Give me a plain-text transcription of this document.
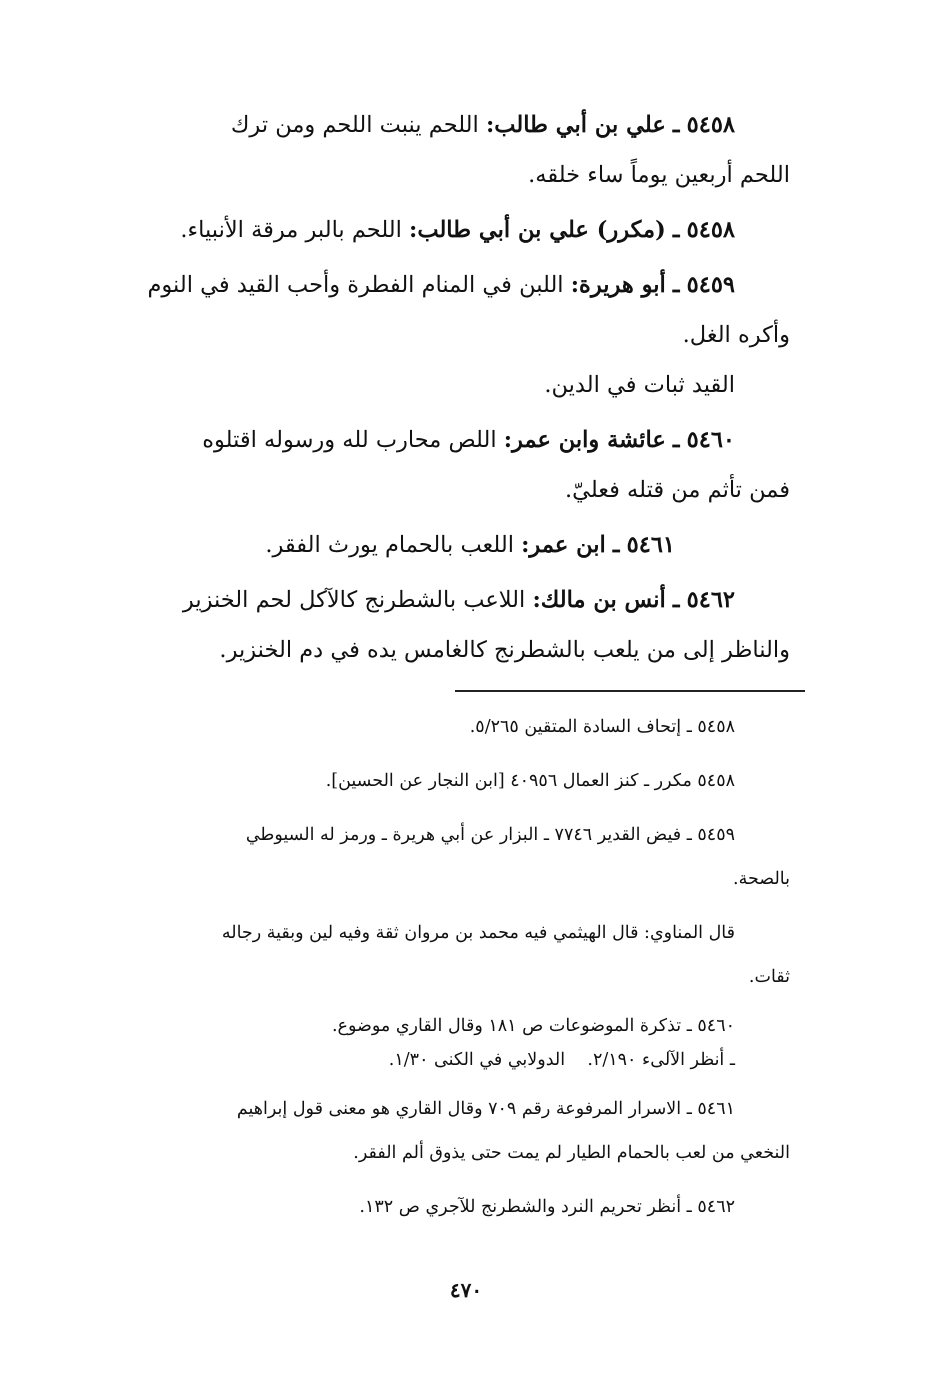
٥٤٥٨ ـ علي بن أبي طالب: اللحم ينبت اللحم ومن ترك
اللحم أربعين يوماً ساء خلقه.
٥٤٥٨ ـ (مكرر) علي بن أبي طالب: اللحم بالبر مرقة الأنبياء.
٥٤٥٩ ـ أبو هريرة: اللبن في المنام الفطرة وأحب القيد في النوم
وأكره الغل.
القيد ثبات في الدين.
٥٤٦٠ ـ عائشة وابن عمر: اللص محارب لله ورسوله اقتلوه
فمن تأثم من قتله فعليّ.
٥٤٦١ ـ ابن عمر: اللعب بالحمام يورث الفقر.
٥٤٦٢ ـ أنس بن مالك: اللاعب بالشطرنج كالآكل لحم الخنزير
والناظر إلى من يلعب بالشطرنج كالغامس يده في دم الخنزير.
٥٤٥٨ ـ إتحاف السادة المتقين ٥/٢٦٥.
٥٤٥٨ مكرر ـ كنز العمال ٤٠٩٥٦ [ابن النجار عن الحسين].
٥٤٥٩ ـ فيض القدير ٧٧٤٦ ـ البزار عن أبي هريرة ـ ورمز له السيوطي
بالصحة.
قال المناوي: قال الهيثمي فيه محمد بن مروان ثقة وفيه لين وبقية رجاله
ثقات.
٥٤٦٠ ـ تذكرة الموضوعات ص ١٨١ وقال القاري موضوع.
ـ أنظر الآلىء ٢/١٩٠.    الدولابي في الكنى ١/٣٠.
٥٤٦١ ـ الاسرار المرفوعة رقم ٧٠٩ وقال القاري هو معنى قول إبراهيم
النخعي من لعب بالحمام الطيار لم يمت حتى يذوق ألم الفقر.
٥٤٦٢ ـ أنظر تحريم النرد والشطرنج للآجري ص ١٣٢.
٤٧٠
